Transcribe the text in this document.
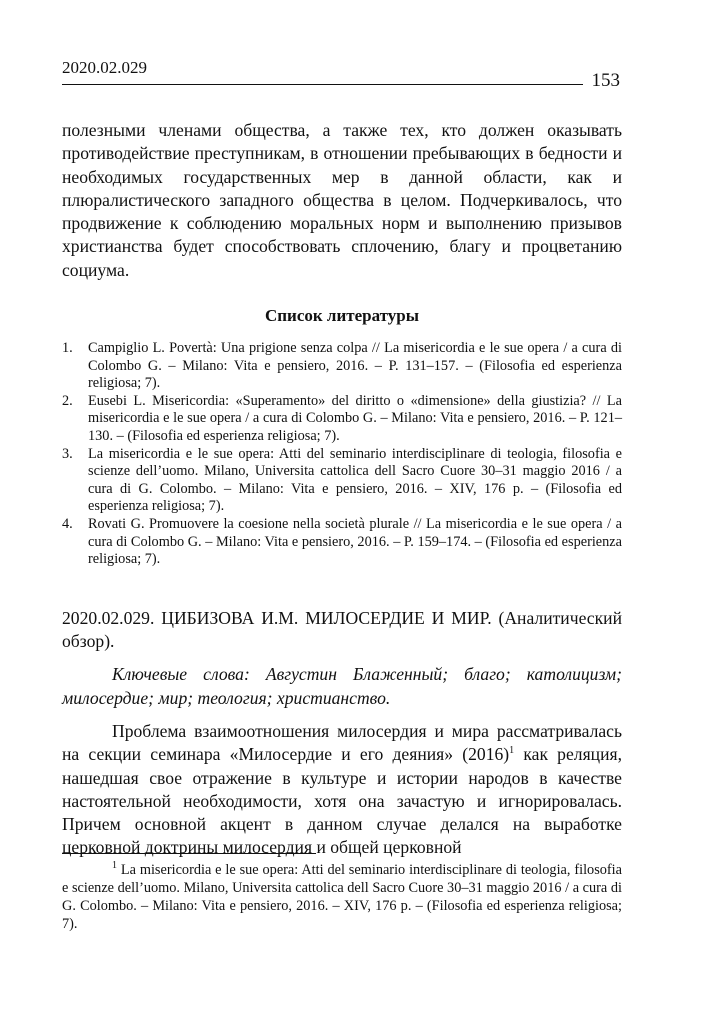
2020.02.029
153

полезными членами общества, а также тех, кто должен оказывать противодействие преступникам, в отношении пребывающих в бедности и необходимых государственных мер в данной области, как и плюралистического западного общества в целом. Подчеркивалось, что продвижение к соблюдению моральных норм и выполнению призывов христианства будет способствовать сплочению, благу и процветанию социума.

Список литературы
1. Campiglio L. Povertà: Una prigione senza colpa // La misericordia e le sue opera / a cura di Colombo G. – Milano: Vita e pensiero, 2016. – P. 131–157. – (Filosofia ed esperienza religiosa; 7).
2. Eusebi L. Misericordia: «Superamento» del diritto o «dimensione» della giustizia? // La misericordia e le sue opera / a cura di Colombo G. – Milano: Vita e pensiero, 2016. – P. 121–130. – (Filosofia ed esperienza religiosa; 7).
3. La misericordia e le sue opera: Atti del seminario interdisciplinare di teologia, filosofia e scienze dell’uomo. Milano, Universita cattolica dell Sacro Cuore 30–31 maggio 2016 / a cura di G. Colombo. – Milano: Vita e pensiero, 2016. – XIV, 176 p. – (Filosofia ed esperienza religiosa; 7).
4. Rovati G. Promuovere la coesione nella società plurale // La misericordia e le sue opera / a cura di Colombo G. – Milano: Vita e pensiero, 2016. – P. 159–174. – (Filosofia ed esperienza religiosa; 7).
2020.02.029. ЦИБИЗОВА И.М. МИЛОСЕРДИЕ И МИР. (Аналитический обзор).

Ключевые слова: Августин Блаженный; благо; католицизм; милосердие; мир; теология; христианство.

Проблема взаимоотношения милосердия и мира рассматривалась на секции семинара «Милосердие и его деяния» $(2016)^1$ как реляция, нашедшая свое отражение в культуре и истории народов в качестве настоятельной необходимости, хотя она зачастую и игнорировалась. Причем основной акцент в данном случае делался на выработке церковной доктрины милосердия и общей церковной

$^1$ La misericordia e le sue opera: Atti del seminario interdisciplinare di teologia, filosofia e scienze dell’uomo. Milano, Universita cattolica dell Sacro Cuore 30–31 maggio 2016 / a cura di G. Colombo. – Milano: Vita e pensiero, 2016. – XIV, 176 p. – (Filosofia ed esperienza religiosa; 7).
